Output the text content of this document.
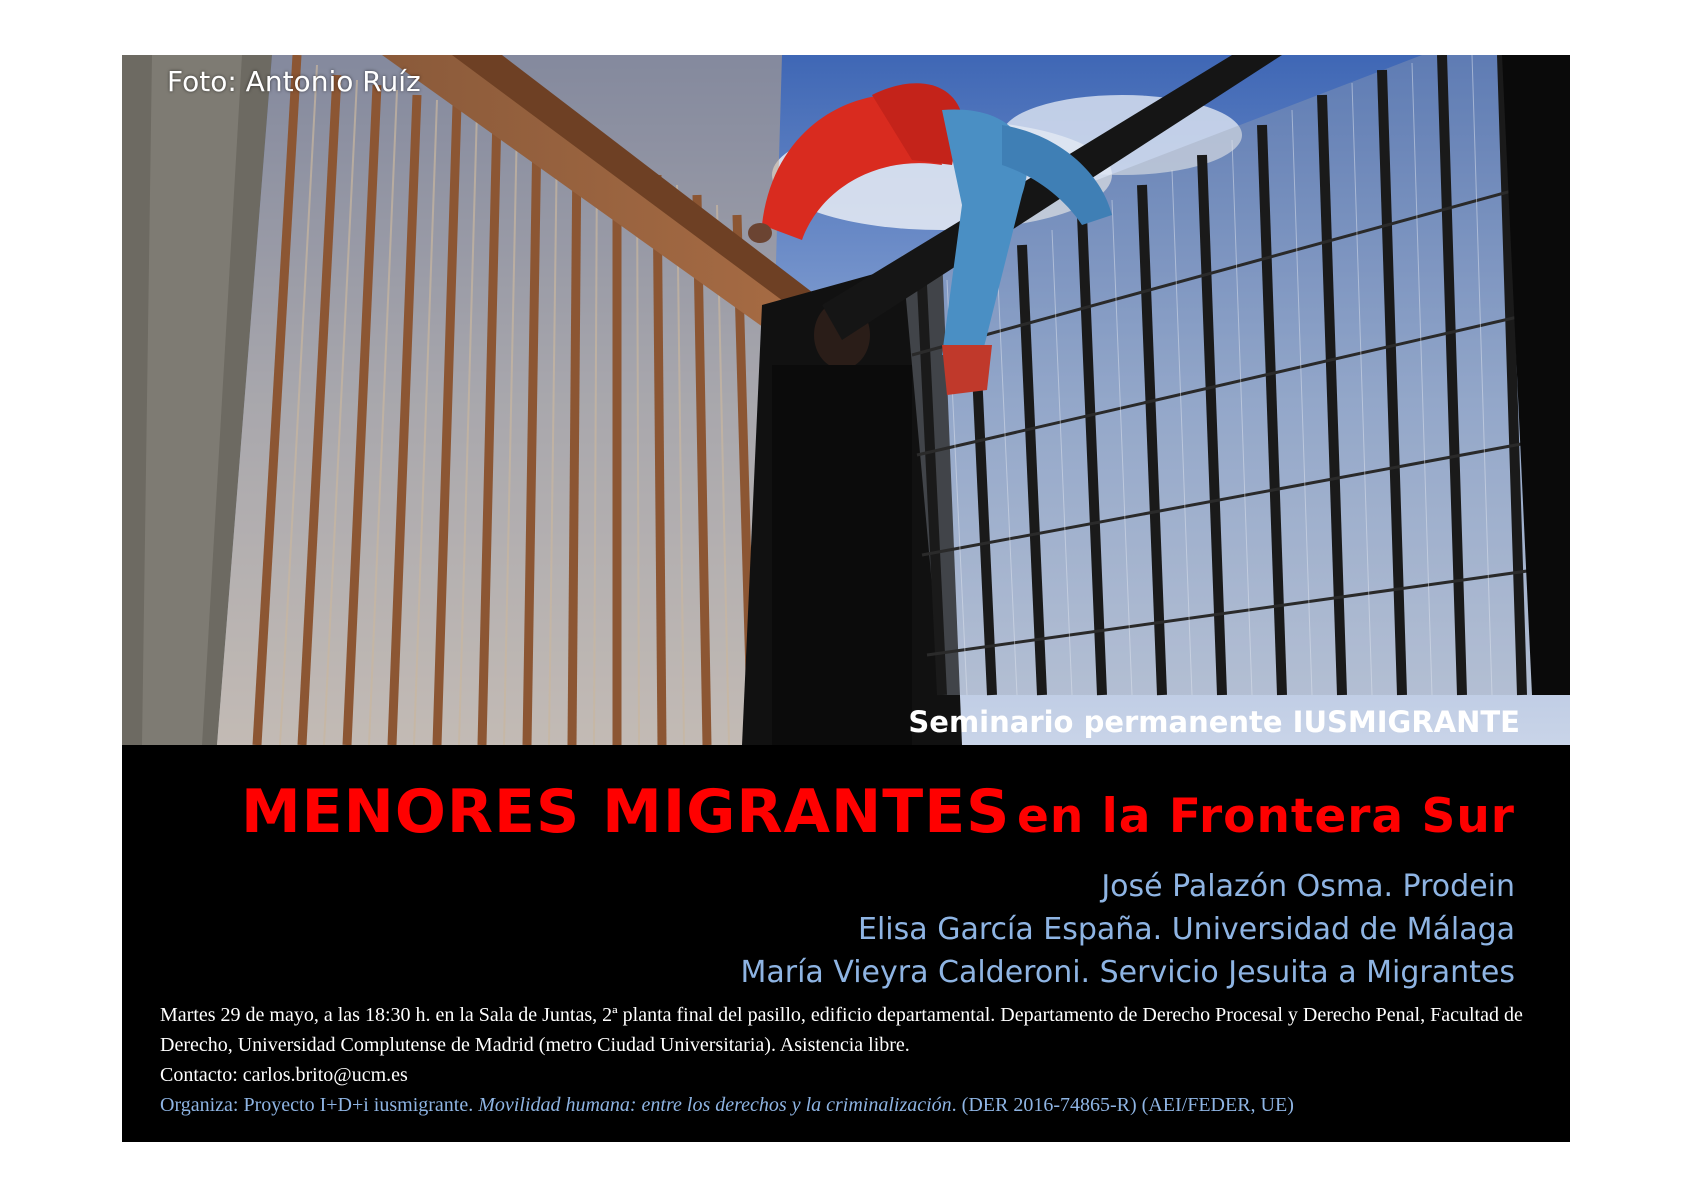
Foto: Antonio Ruíz
Seminario permanente IUSMIGRANTE
MENORES MIGRANTES en la Frontera Sur
José Palazón Osma. Prodein
Elisa García España. Universidad de Málaga
María Vieyra Calderoni. Servicio Jesuita a Migrantes

Martes 29 de mayo, a las 18:30 h. en la Sala de Juntas, 2ª planta final del pasillo, edificio departamental. Departamento de Derecho Procesal y Derecho Penal, Facultad de Derecho, Universidad Complutense de Madrid (metro Ciudad Universitaria). Asistencia libre.

Contacto: carlos.brito@ucm.es

Organiza: Proyecto I+D+i iusmigrante. Movilidad humana: entre los derechos y la criminalización. (DER 2016-74865-R) (AEI/FEDER, UE)
